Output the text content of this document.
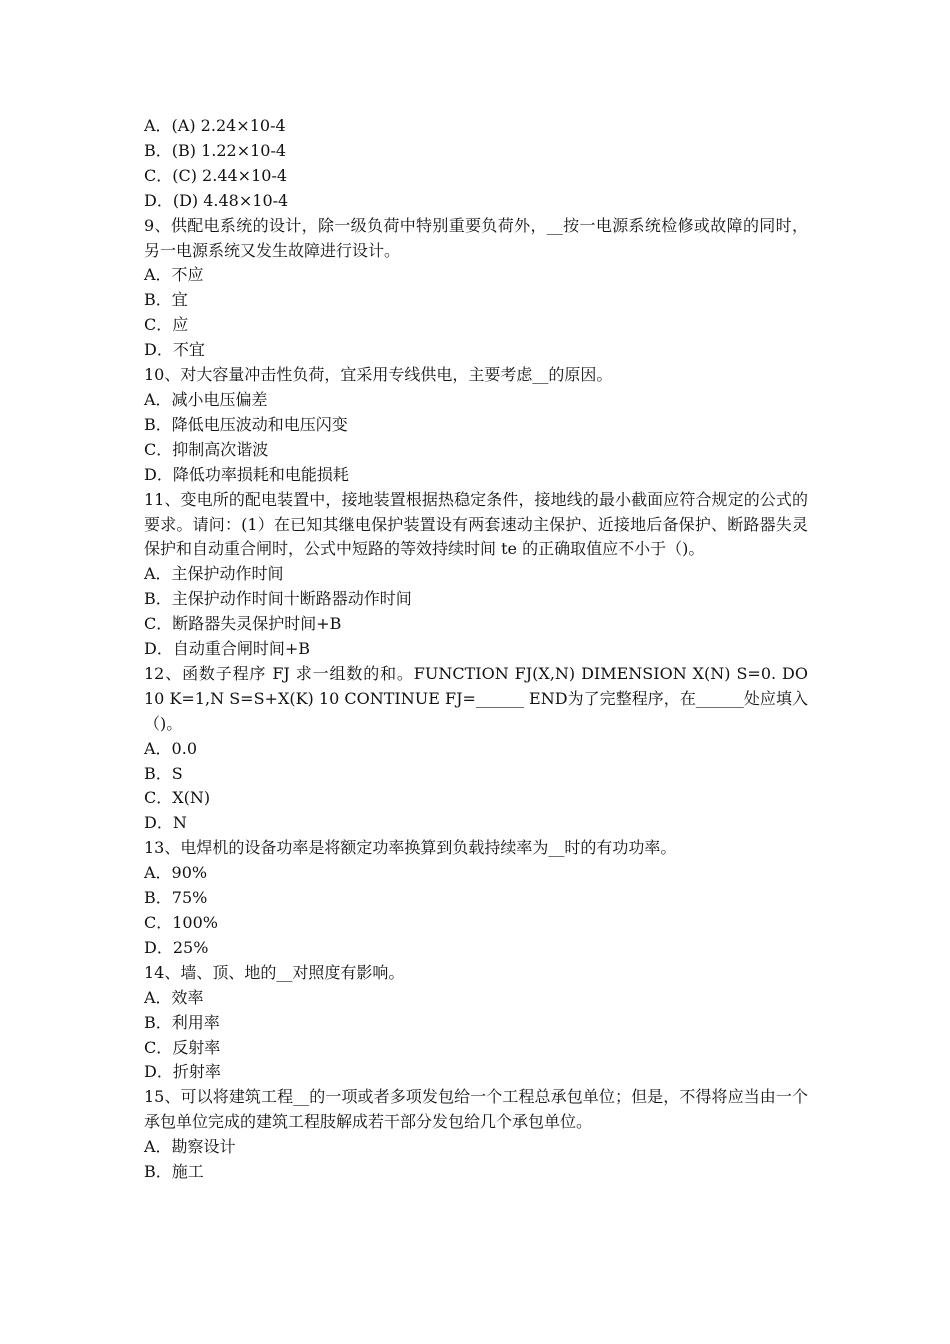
A．(A) 2.24×10-4
B．(B) 1.22×10-4
C．(C) 2.44×10-4
D．(D) 4.48×10-4
9、供配电系统的设计，除一级负荷中特别重要负荷外，__按一电源系统检修或故障的同时，另一电源系统又发生故障进行设计。
A．不应
B．宜
C．应
D．不宜
10、对大容量冲击性负荷，宜采用专线供电，主要考虑__的原因。
A．减小电压偏差
B．降低电压波动和电压闪变
C．抑制高次谐波
D．降低功率损耗和电能损耗
11、变电所的配电装置中，接地装置根据热稳定条件，接地线的最小截面应符合规定的公式的要求。请问：(1）在已知其继电保护装置设有两套速动主保护、近接地后备保护、断路器失灵保护和自动重合闸时，公式中短路的等效持续时间 te 的正确取值应不小于（)。
A．主保护动作时间
B．主保护动作时间十断路器动作时间
C．断路器失灵保护时间+B
D．自动重合闸时间+B
12、函数子程序 FJ 求一组数的和。FUNCTION FJ(X,N) DIMENSION X(N) S=0. DO 10 K=1,N S=S+X(K) 10 CONTINUE FJ=______ END为了完整程序，在______处应填入（)。
A．0.0
B．S
C．X(N)
D．N
13、电焊机的设备功率是将额定功率换算到负载持续率为__时的有功功率。
A．90%
B．75%
C．100%
D．25%
14、墙、顶、地的__对照度有影响。
A．效率
B．利用率
C．反射率
D．折射率
15、可以将建筑工程__的一项或者多项发包给一个工程总承包单位；但是，不得将应当由一个承包单位完成的建筑工程肢解成若干部分发包给几个承包单位。
A．勘察设计
B．施工
